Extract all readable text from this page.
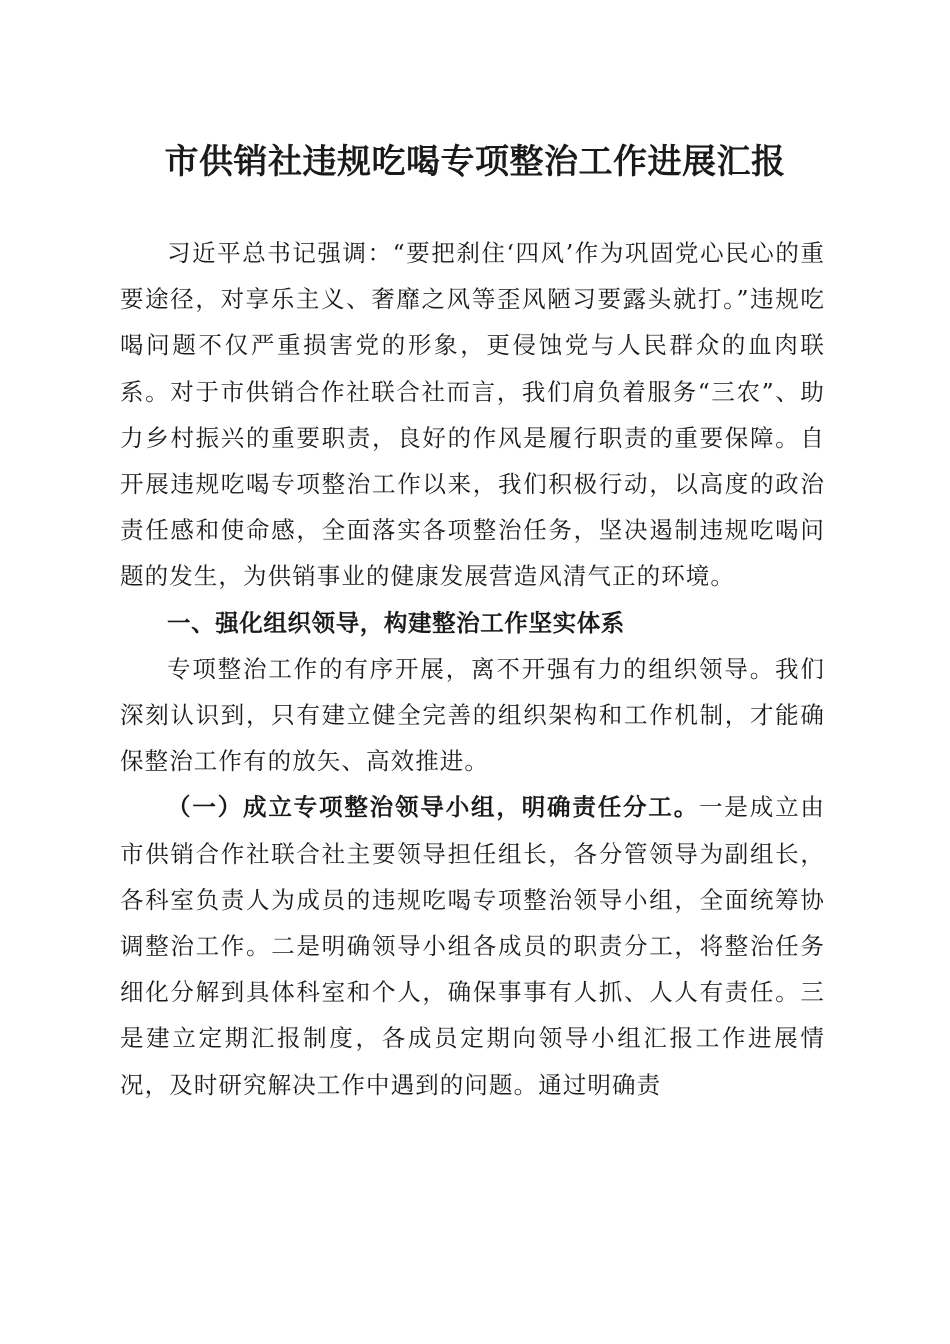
市供销社违规吃喝专项整治工作进展汇报

习近平总书记强调：“要把刹住‘四风’作为巩固党心民心的重要途径，对享乐主义、奢靡之风等歪风陋习要露头就打。”违规吃喝问题不仅严重损害党的形象，更侵蚀党与人民群众的血肉联系。对于市供销合作社联合社而言，我们肩负着服务“三农”、助力乡村振兴的重要职责，良好的作风是履行职责的重要保障。自开展违规吃喝专项整治工作以来，我们积极行动，以高度的政治责任感和使命感，全面落实各项整治任务，坚决遏制违规吃喝问题的发生，为供销事业的健康发展营造风清气正的环境。

一、强化组织领导，构建整治工作坚实体系

专项整治工作的有序开展，离不开强有力的组织领导。我们深刻认识到，只有建立健全完善的组织架构和工作机制，才能确保整治工作有的放矢、高效推进。

（一）成立专项整治领导小组，明确责任分工。一是成立由市供销合作社联合社主要领导担任组长，各分管领导为副组长，各科室负责人为成员的违规吃喝专项整治领导小组，全面统筹协调整治工作。二是明确领导小组各成员的职责分工，将整治任务细化分解到具体科室和个人，确保事事有人抓、人人有责任。三是建立定期汇报制度，各成员定期向领导小组汇报工作进展情况，及时研究解决工作中遇到的问题。通过明确责
